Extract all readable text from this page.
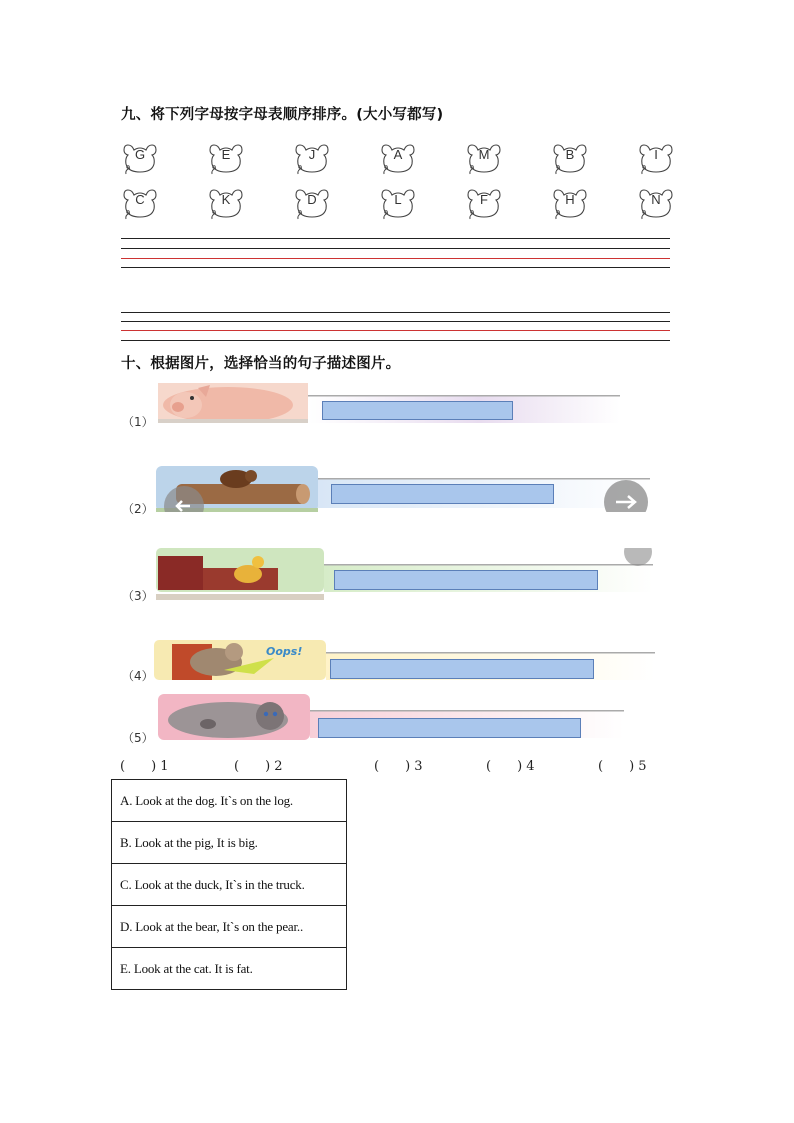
九、将下列字母按字母表顺序排序。(大小写都写)
G	E	J	A	M	B	I
C	K	D	L	F	H	N
十、根据图片，选择恰当的句子描述图片。
（1）
（2）
（3）
（4）
Oops!
（5）
(　　) 1	(　　) 2	(　　) 3	(　　) 4	(　　) 5
A. Look at the dog. It`s on the log.
B. Look at the pig, It is big.
C. Look at the duck, It`s in the truck.
D. Look at the bear, It`s on the pear..
E. Look at the cat. It is fat.
